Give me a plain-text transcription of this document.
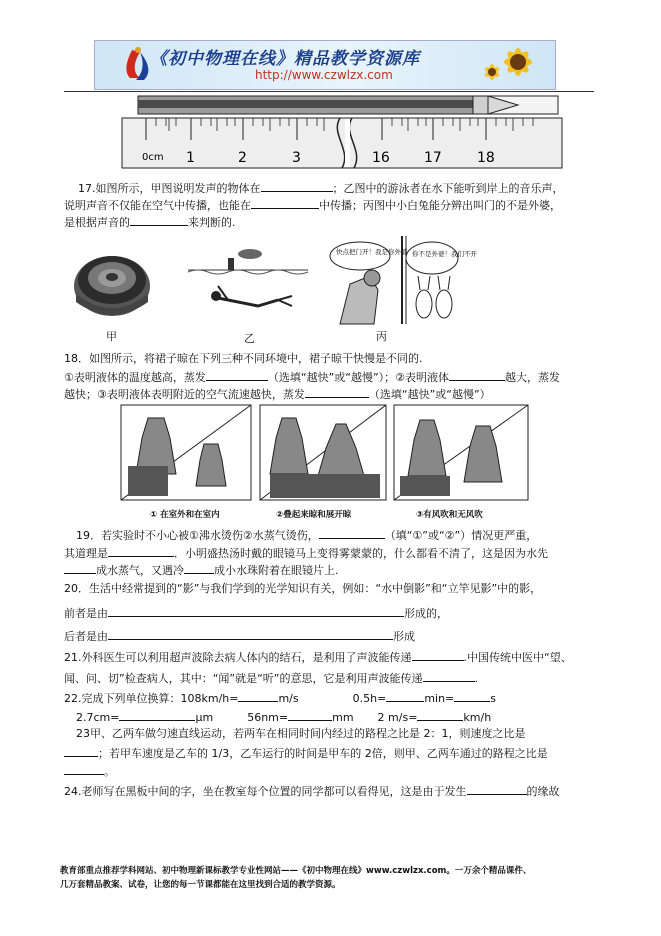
《初中物理在线》精品教学资源库
http://www.czwlzx.com
0cm 1	2	3	16 17	18
17.如图所示，甲图说明发声的物体在	；乙图中的游泳者在水下能听到岸上的音乐声，
说明声音不仅能在空气中传播，也能在	中传播；丙图中小白兔能分辨出叫门的不是外婆，
是根据声音的	来判断的.
快点把门开！我是你外婆 你不是外婆！我们不开
甲	乙	丙
18．如图所示，将裙子晾在下列三种不同环境中，裙子晾干快慢是不同的.
①表明液体的温度越高，蒸发	（选填“越快”或“越慢”）；②表明液体	越大，蒸发
越快；③表明液体表明附近的空气流速越快，蒸发	（选填“越快”或“越慢”）
① 在室外和在室内	②叠起来晾和展开晾	③有风吹和无风吹
19．若实验时不小心被①沸水烫伤②水蒸气烫伤，	（填“①”或“②”）情况更严重，
其道理是	．小明盛热汤时戴的眼镜马上变得雾蒙蒙的，什么都看不清了，这是因为水先
成水蒸气，又遇冷	成小水珠附着在眼镜片上.
20．生活中经常提到的“影”与我们学到的光学知识有关，例如：“水中倒影”和“立竿见影”中的影，
前者是由	形成的，
后者是由	形成
21.外科医生可以利用超声波除去病人体内的结石，是利用了声波能传递	.中国传统中医中“望、
闻、问、切”检查病人，其中：“闻”就是“听”的意思，它是利用声波能传递	.
22.完成下列单位换算：108km/h=	m/s	0.5h=	min=	s
2.7cm=	μm	56nm=	mm 2 m/s=	km/h
23甲、乙两车做匀速直线运动，若两车在相同时间内经过的路程之比是 2：1，则速度之比是
；若甲车速度是乙车的 1/3，乙车运行的时间是甲车的 2倍，则甲、乙两车通过的路程之比是
。
24.老师写在黑板中间的字，坐在教室每个位置的同学都可以看得见，这是由于发生	的缘故
教育部重点推荐学科网站、初中物理新课标教学专业性网站——《初中物理在线》www.czwlzx.com。一万余个精品课件、
几万套精品教案、试卷，让您的每一节课都能在这里找到合适的教学资源。
